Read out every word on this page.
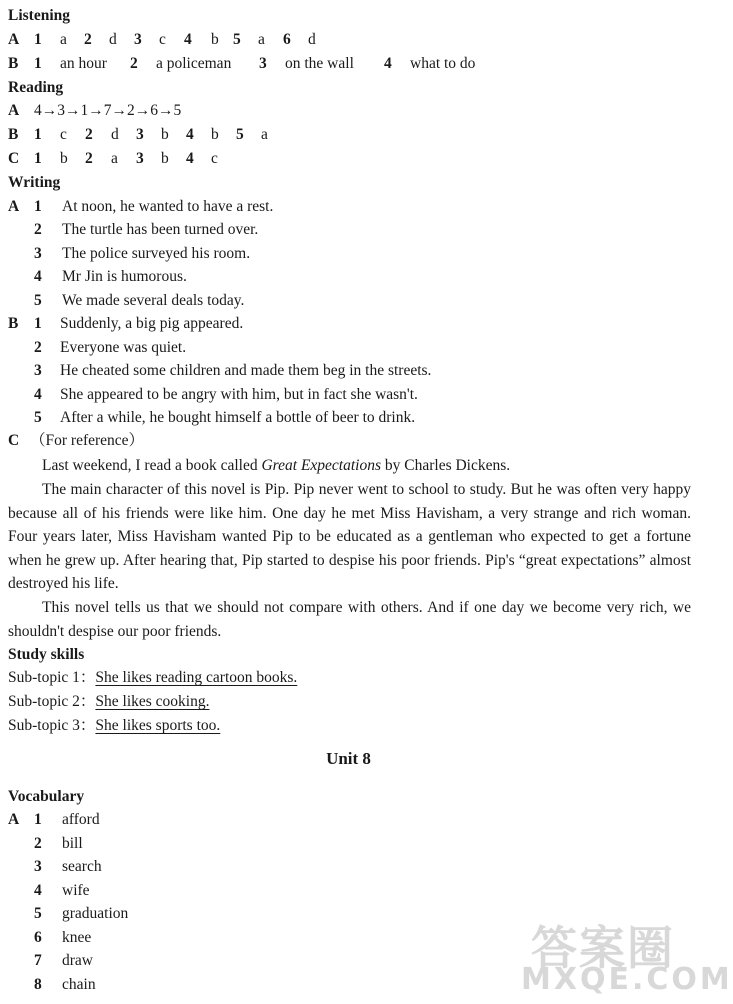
Listening
A 1 a 2 d 3 c 4 b 5 a 6 d
B 1 an hour 2 a policeman 3 on the wall 4 what to do
Reading
A 4→3→1→7→2→6→5
B 1 c 2 d 3 b 4 b 5 a
C 1 b 2 a 3 b 4 c
Writing
A 1 At noon, he wanted to have a rest.
2 The turtle has been turned over.
3 The police surveyed his room.
4 Mr Jin is humorous.
5 We made several deals today.
B 1 Suddenly, a big pig appeared.
2 Everyone was quiet.
3 He cheated some children and made them beg in the streets.
4 She appeared to be angry with him, but in fact she wasn't.
5 After a while, he bought himself a bottle of beer to drink.
C （For reference）
Last weekend, I read a book called Great Expectations by Charles Dickens.
The main character of this novel is Pip. Pip never went to school to study. But he was often very happy because all of his friends were like him. One day he met Miss Havisham, a very strange and rich woman. Four years later, Miss Havisham wanted Pip to be educated as a gentleman who expected to get a fortune when he grew up. After hearing that, Pip started to despise his poor friends. Pip's “great expectations” almost destroyed his life.
This novel tells us that we should not compare with others. And if one day we become very rich, we shouldn't despise our poor friends.
Study skills
Sub-topic 1：She likes reading cartoon books.
Sub-topic 2：She likes cooking.
Sub-topic 3：She likes sports too.
Unit 8
Vocabulary
A 1 afford
2 bill
3 search
4 wife
5 graduation
6 knee
7 draw
8 chain
答案圈
MXQE.COM
